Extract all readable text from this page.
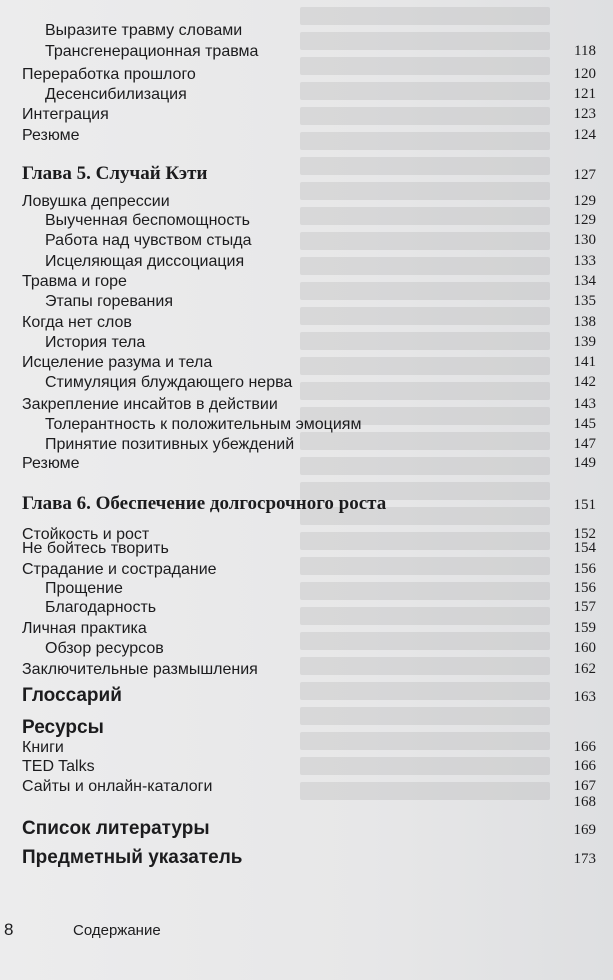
Выразите травму словами
Трансгенерационная травма	118
Переработка прошлого	120
Десенсибилизация	121
Интеграция	123
Резюме	124
Глава 5. Случай Кэти	127
Ловушка депрессии	129
Выученная беспомощность	129
Работа над чувством стыда	130
Исцеляющая диссоциация	133
Травма и горе	134
Этапы горевания	135
Когда нет слов	138
История тела	139
Исцеление разума и тела	141
Стимуляция блуждающего нерва	142
Закрепление инсайтов в действии	143
Толерантность к положительным эмоциям	145
Принятие позитивных убеждений	147
Резюме	149
Глава 6. Обеспечение долгосрочного роста	151
Стойкость и рост	152
Не бойтесь творить	154
Страдание и сострадание	156
Прощение	156
Благодарность	157
Личная практика	159
Обзор ресурсов	160
Заключительные размышления	162
Глоссарий	163
Ресурсы
Книги	166
TED Talks	166
Сайты и онлайн-каталоги	167
168
Список литературы	169
Предметный указатель	173
8	Содержание
